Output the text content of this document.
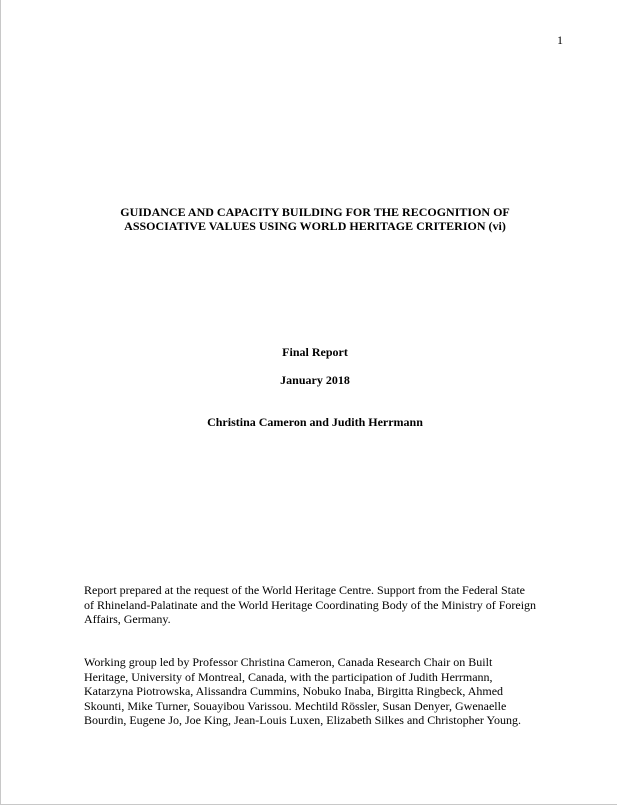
1
GUIDANCE AND CAPACITY BUILDING FOR THE RECOGNITION OF
ASSOCIATIVE VALUES USING WORLD HERITAGE CRITERION (vi)
Final Report
January 2018
Christina Cameron and Judith Herrmann
Report prepared at the request of the World Heritage Centre. Support from the Federal State
of Rhineland-Palatinate and the World Heritage Coordinating Body of the Ministry of Foreign
Affairs, Germany.
Working group led by Professor Christina Cameron, Canada Research Chair on Built
Heritage, University of Montreal, Canada, with the participation of Judith Herrmann,
Katarzyna Piotrowska, Alissandra Cummins, Nobuko Inaba, Birgitta Ringbeck, Ahmed
Skounti, Mike Turner, Souayibou Varissou. Mechtild Rössler, Susan Denyer, Gwenaelle
Bourdin, Eugene Jo, Joe King, Jean-Louis Luxen, Elizabeth Silkes and Christopher Young.
